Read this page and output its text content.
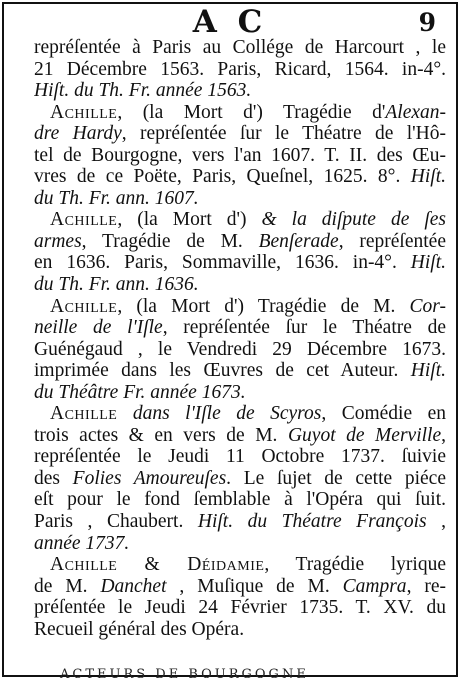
A C	9
repréſentée à Paris au Collége de Harcourt , le
21 Décembre 1563. Paris, Ricard, 1564. in-4°.
Hiſt. du Th. Fr. année 1563.
Achille, (la Mort d') Tragédie d'Alexan-
dre Hardy, repréſentée ſur le Théatre de l'Hô-
tel de Bourgogne, vers l'an 1607. T. II. des Œu-
vres de ce Poëte, Paris, Queſnel, 1625. 8°. Hiſt.
du Th. Fr. ann. 1607.
Achille, (la Mort d') & la diſpute de ſes
armes, Tragédie de M. Benſerade, repréſentée
en 1636. Paris, Sommaville, 1636. in-4°. Hiſt.
du Th. Fr. ann. 1636.
Achille, (la Mort d') Tragédie de M. Cor-
neille de l'Iſle, repréſentée ſur le Théatre de
Guénégaud , le Vendredi 29 Décembre 1673.
imprimée dans les Œuvres de cet Auteur. Hiſt.
du Théâtre Fr. année 1673.
Achille dans l'Iſle de Scyros, Comédie en
trois actes & en vers de M. Guyot de Merville,
repréſentée le Jeudi 11 Octobre 1737. ſuivie
des Folies Amoureuſes. Le ſujet de cette piéce
eſt pour le fond ſemblable à l'Opéra qui ſuit.
Paris , Chaubert. Hiſt. du Théatre François ,
année 1737.
Achille & Déidamie, Tragédie lyrique
de M. Danchet , Muſique de M. Campra, re-
préſentée le Jeudi 24 Février 1735. T. XV. du
Recueil général des Opéra.
ACTEURS DE BOURGOGNE
